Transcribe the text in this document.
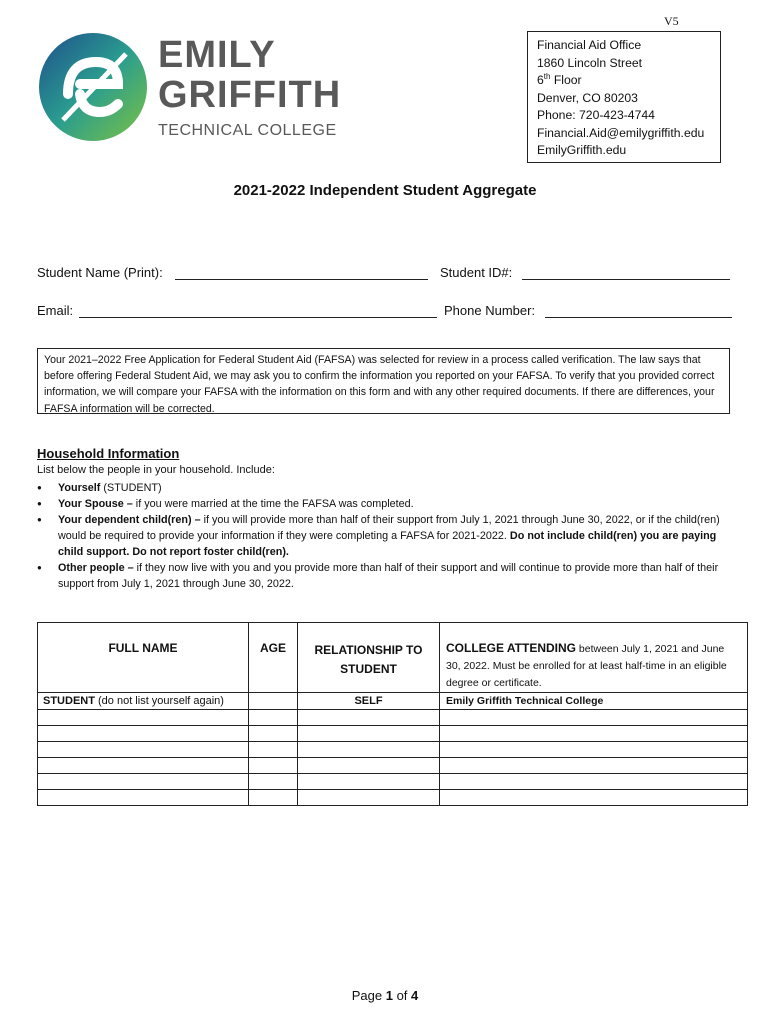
V5
EMILY
GRIFFITH
TECHNICAL COLLEGE
Financial Aid Office
1860 Lincoln Street
6th Floor
Denver, CO 80203
Phone: 720-423-4744
Financial.Aid@emilygriffith.edu
EmilyGriffith.edu
2021-2022 Independent Student Aggregate
Student Name (Print):	Student ID#:
Email:	Phone Number:
Your 2021–2022 Free Application for Federal Student Aid (FAFSA) was selected for review in a process called verification. The law says that before offering Federal Student Aid, we may ask you to confirm the information you reported on your FAFSA. To verify that you provided correct information, we will compare your FAFSA with the information on this form and with any other required documents. If there are differences, your FAFSA information will be corrected.
Household Information
List below the people in your household. Include:
● Yourself (STUDENT)
● Your Spouse – if you were married at the time the FAFSA was completed.
● Your dependent child(ren) – if you will provide more than half of their support from July 1, 2021 through June 30, 2022, or if the child(ren) would be required to provide your information if they were completing a FAFSA for 2021-2022. Do not include child(ren) you are paying child support. Do not report foster child(ren).
● Other people – if they now live with you and you provide more than half of their support and will continue to provide more than half of their support from July 1, 2021 through June 30, 2022.
FULL NAME	AGE	RELATIONSHIP TO STUDENT	COLLEGE ATTENDING between July 1, 2021 and June 30, 2022. Must be enrolled for at least half-time in an eligible degree or certificate.
STUDENT (do not list yourself again)		SELF	Emily Griffith Technical College

Page 1 of 4
